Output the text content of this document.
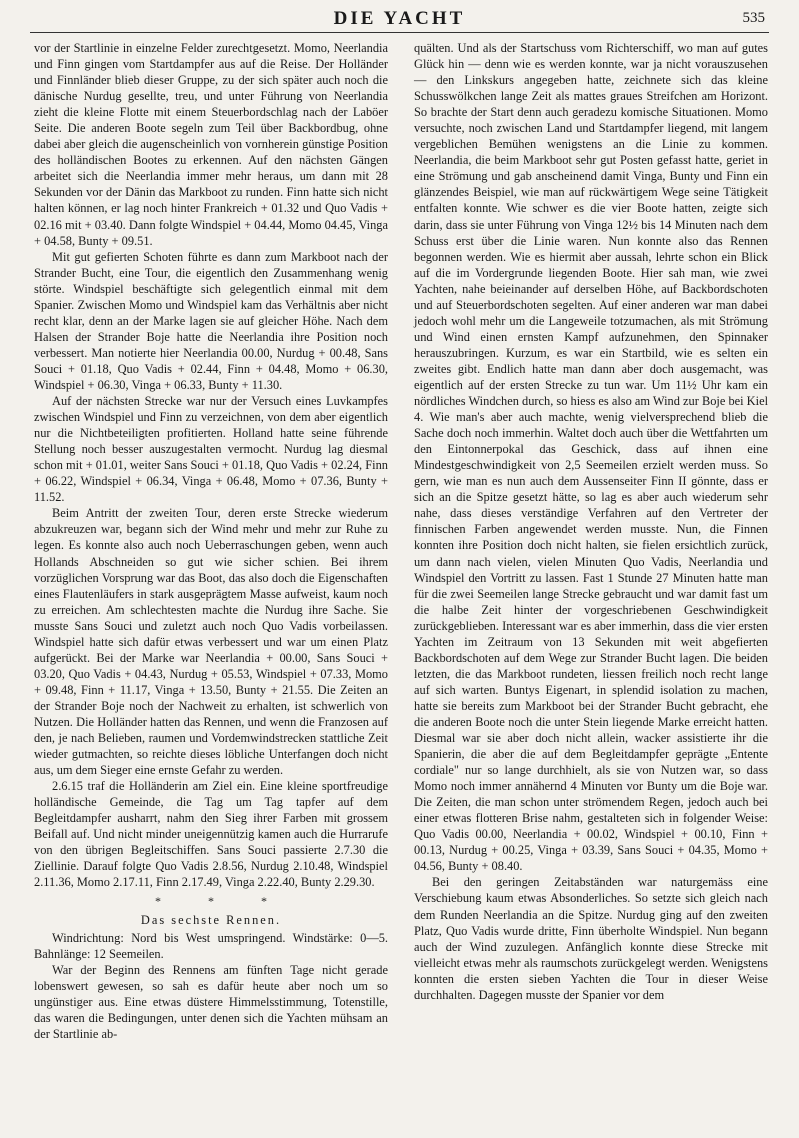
DIE YACHT	535

vor der Startlinie in einzelne Felder zurechtgesetzt. Momo, Neerlandia und Finn gingen vom Startdampfer aus auf die Reise. Der Holländer und Finnländer blieb dieser Gruppe, zu der sich später auch noch die dänische Nurdug gesellte, treu, und unter Führung von Neerlandia zieht die kleine Flotte mit einem Steuerbordschlag nach der Laböer Seite. Die anderen Boote segeln zum Teil über Backbordbug, ohne dabei aber gleich die augenscheinlich von vornherein günstige Position des holländischen Bootes zu erkennen. Auf den nächsten Gängen arbeitet sich die Neerlandia immer mehr heraus, um dann mit 28 Sekunden vor der Dänin das Markboot zu runden. Finn hatte sich nicht halten können, er lag noch hinter Frankreich + 01.32 und Quo Vadis + 02.16 mit + 03.40. Dann folgte Windspiel + 04.44, Momo 04.45, Vinga + 04.58, Bunty + 09.51.

Mit gut gefierten Schoten führte es dann zum Markboot nach der Strander Bucht, eine Tour, die eigentlich den Zusammenhang wenig störte. Windspiel beschäftigte sich gelegentlich einmal mit dem Spanier. Zwischen Momo und Windspiel kam das Verhältnis aber nicht recht klar, denn an der Marke lagen sie auf gleicher Höhe. Nach dem Halsen der Strander Boje hatte die Neerlandia ihre Position noch verbessert. Man notierte hier Neerlandia 00.00, Nurdug + 00.48, Sans Souci + 01.18, Quo Vadis + 02.44, Finn + 04.48, Momo + 06.30, Windspiel + 06.30, Vinga + 06.33, Bunty + 11.30.

Auf der nächsten Strecke war nur der Versuch eines Luvkampfes zwischen Windspiel und Finn zu verzeichnen, von dem aber eigentlich nur die Nichtbeteiligten profitierten. Holland hatte seine führende Stellung noch besser auszugestalten vermocht. Nurdug lag diesmal schon mit + 01.01, weiter Sans Souci + 01.18, Quo Vadis + 02.24, Finn + 06.22, Windspiel + 06.34, Vinga + 06.48, Momo + 07.36, Bunty + 11.52.

Beim Antritt der zweiten Tour, deren erste Strecke wiederum abzukreuzen war, begann sich der Wind mehr und mehr zur Ruhe zu legen. Es konnte also auch noch Ueberraschungen geben, wenn auch Hollands Abschneiden so gut wie sicher schien. Bei ihrem vorzüglichen Vorsprung war das Boot, das also doch die Eigenschaften eines Flautenläufers in stark ausgeprägtem Masse aufweist, kaum noch zu erreichen. Am schlechtesten machte die Nurdug ihre Sache. Sie musste Sans Souci und zuletzt auch noch Quo Vadis vorbeilassen. Windspiel hatte sich dafür etwas verbessert und war um einen Platz aufgerückt. Bei der Marke war Neerlandia + 00.00, Sans Souci + 03.20, Quo Vadis + 04.43, Nurdug + 05.53, Windspiel + 07.33, Momo + 09.48, Finn + 11.17, Vinga + 13.50, Bunty + 21.55. Die Zeiten an der Strander Boje noch der Nachweit zu erhalten, ist schwerlich von Nutzen. Die Holländer hatten das Rennen, und wenn die Franzosen auf den, je nach Belieben, raumen und Vordemwindstrecken stattliche Zeit wieder gutmachten, so reichte dieses löbliche Unterfangen doch nicht aus, um dem Sieger eine ernste Gefahr zu werden.

2.6.15 traf die Holländerin am Ziel ein. Eine kleine sportfreudige holländische Gemeinde, die Tag um Tag tapfer auf dem Begleitdampfer ausharrt, nahm den Sieg ihrer Farben mit grossem Beifall auf. Und nicht minder uneigennützig kamen auch die Hurrarufe von den übrigen Begleitschiffen. Sans Souci passierte 2.7.30 die Ziellinie. Darauf folgte Quo Vadis 2.8.56, Nurdug 2.10.48, Windspiel 2.11.36, Momo 2.17.11, Finn 2.17.49, Vinga 2.22.40, Bunty 2.29.30.

* * *
Das sechste Rennen.

Windrichtung: Nord bis West umspringend. Windstärke: 0—5. Bahnlänge: 12 Seemeilen.

War der Beginn des Rennens am fünften Tage nicht gerade lobenswert gewesen, so sah es dafür heute aber noch um so ungünstiger aus. Eine etwas düstere Himmelsstimmung, Totenstille, das waren die Bedingungen, unter denen sich die Yachten mühsam an der Startlinie ab-

quälten. Und als der Startschuss vom Richterschiff, wo man auf gutes Glück hin — denn wie es werden konnte, war ja nicht vorauszusehen — den Linkskurs angegeben hatte, zeichnete sich das kleine Schusswölkchen lange Zeit als mattes graues Streifchen am Horizont. So brachte der Start denn auch geradezu komische Situationen. Momo versuchte, noch zwischen Land und Startdampfer liegend, mit langem vergeblichen Bemühen wenigstens an die Linie zu kommen. Neerlandia, die beim Markboot sehr gut Posten gefasst hatte, geriet in eine Strömung und gab anscheinend damit Vinga, Bunty und Finn ein glänzendes Beispiel, wie man auf rückwärtigem Wege seine Tätigkeit entfalten konnte. Wie schwer es die vier Boote hatten, zeigte sich darin, dass sie unter Führung von Vinga 12½ bis 14 Minuten nach dem Schuss erst über die Linie waren. Nun konnte also das Rennen begonnen werden. Wie es hiermit aber aussah, lehrte schon ein Blick auf die im Vordergrunde liegenden Boote. Hier sah man, wie zwei Yachten, nahe beieinander auf derselben Höhe, auf Backbordschoten und auf Steuerbordschoten segelten. Auf einer anderen war man dabei jedoch wohl mehr um die Langeweile totzumachen, als mit Strömung und Wind einen ernsten Kampf aufzunehmen, den Spinnaker herauszubringen. Kurzum, es war ein Startbild, wie es selten ein zweites gibt. Endlich hatte man dann aber doch ausgemacht, was eigentlich auf der ersten Strecke zu tun war. Um 11½ Uhr kam ein nördliches Windchen durch, so hiess es also am Wind zur Boje bei Kiel 4. Wie man's aber auch machte, wenig vielversprechend blieb die Sache doch noch immerhin. Waltet doch auch über die Wettfahrten um den Eintonnerpokal das Geschick, dass auf ihnen eine Mindestgeschwindigkeit von 2,5 Seemeilen erzielt werden muss. So gern, wie man es nun auch dem Aussenseiter Finn II gönnte, dass er sich an die Spitze gesetzt hätte, so lag es aber auch wiederum sehr nahe, dass dieses verständige Verfahren auf den Vertreter der finnischen Farben angewendet werden musste. Nun, die Finnen konnten ihre Position doch nicht halten, sie fielen ersichtlich zurück, um dann nach vielen, vielen Minuten Quo Vadis, Neerlandia und Windspiel den Vortritt zu lassen. Fast 1 Stunde 27 Minuten hatte man für die zwei Seemeilen lange Strecke gebraucht und war damit fast um die halbe Zeit hinter der vorgeschriebenen Geschwindigkeit zurückgeblieben. Interessant war es aber immerhin, dass die vier ersten Yachten im Zeitraum von 13 Sekunden mit weit abgefierten Backbordschoten auf dem Wege zur Strander Bucht lagen. Die beiden letzten, die das Markboot rundeten, liessen freilich noch recht lange auf sich warten. Buntys Eigenart, in splendid isolation zu machen, hatte sie bereits zum Markboot bei der Strander Bucht gebracht, ehe die anderen Boote noch die unter Stein liegende Marke erreicht hatten. Diesmal war sie aber doch nicht allein, wacker assistierte ihr die Spanierin, die aber die auf dem Begleitdampfer geprägte „Entente cordiale" nur so lange durchhielt, als sie von Nutzen war, so dass Momo noch immer annähernd 4 Minuten vor Bunty um die Boje war. Die Zeiten, die man schon unter strömendem Regen, jedoch auch bei einer etwas flotteren Brise nahm, gestalteten sich in folgender Weise: Quo Vadis 00.00, Neerlandia + 00.02, Windspiel + 00.10, Finn + 00.13, Nurdug + 00.25, Vinga + 03.39, Sans Souci + 04.35, Momo + 04.56, Bunty + 08.40.

Bei den geringen Zeitabständen war naturgemäss eine Verschiebung kaum etwas Absonderliches. So setzte sich gleich nach dem Runden Neerlandia an die Spitze. Nurdug ging auf den zweiten Platz, Quo Vadis wurde dritte, Finn überholte Windspiel. Nun begann auch der Wind zuzulegen. Anfänglich konnte diese Strecke mit vielleicht etwas mehr als raumschots zurückgelegt werden. Wenigstens konnten die ersten sieben Yachten die Tour in dieser Weise durchhalten. Dagegen musste der Spanier vor dem
